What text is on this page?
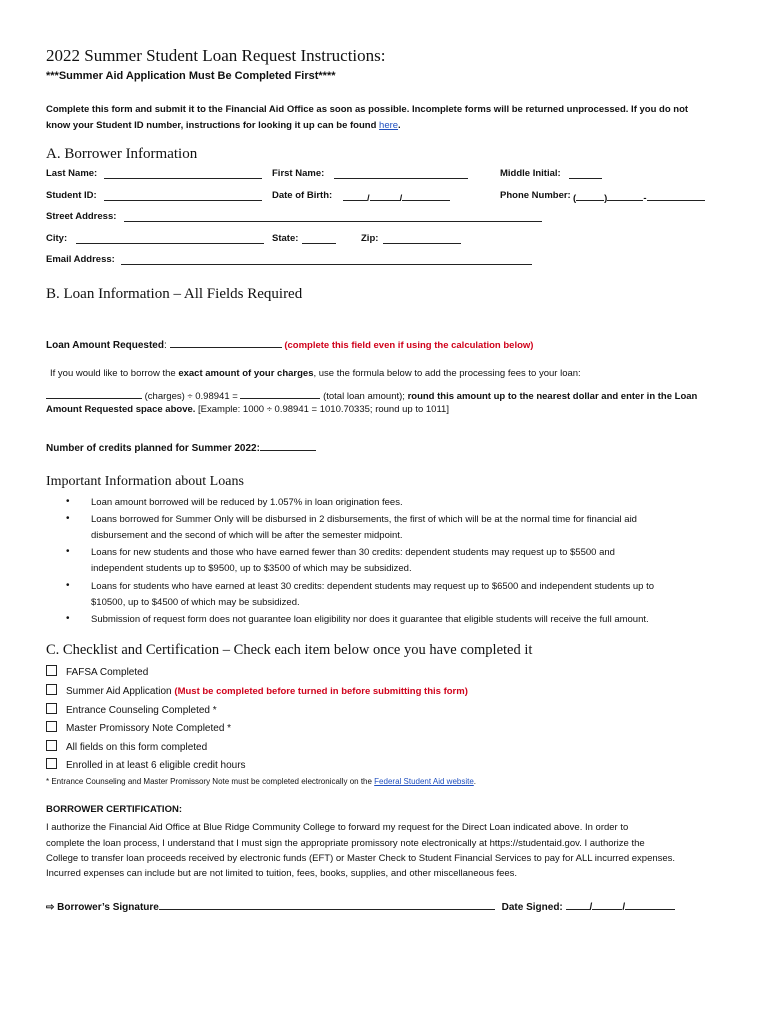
2022 Summer Student Loan Request Instructions:
***Summer Aid Application Must Be Completed First****
Complete this form and submit it to the Financial Aid Office as soon as possible. Incomplete forms will be returned unprocessed. If you do not
know your Student ID number, instructions for looking it up can be found here.
A. Borrower Information
Last Name:	First Name:	Middle Initial:
Student ID:	Date of Birth:	/	/	Phone Number: (	)	-
Street Address:
City:	State:	Zip:
Email Address:
B. Loan Information – All Fields Required
Loan Amount Requested:	(complete this field even if using the calculation below)
If you would like to borrow the exact amount of your charges, use the formula below to add the processing fees to your loan:
(charges) ÷ 0.98941 =	(total loan amount); round this amount up to the nearest dollar and enter in the Loan
Amount Requested space above. [Example: 1000 ÷ 0.98941 = 1010.70335; round up to 1011]
Number of credits planned for Summer 2022:
Important Information about Loans
• Loan amount borrowed will be reduced by 1.057% in loan origination fees.
• Loans borrowed for Summer Only will be disbursed in 2 disbursements, the first of which will be at the normal time for financial aid
disbursement and the second of which will be after the semester midpoint.
• Loans for new students and those who have earned fewer than 30 credits: dependent students may request up to $5500 and
independent students up to $9500, up to $3500 of which may be subsidized.
• Loans for students who have earned at least 30 credits: dependent students may request up to $6500 and independent students up to
$10500, up to $4500 of which may be subsidized.
• Submission of request form does not guarantee loan eligibility nor does it guarantee that eligible students will receive the full amount.
C. Checklist and Certification – Check each item below once you have completed it
FAFSA Completed
Summer Aid Application (Must be completed before turned in before submitting this form)
Entrance Counseling Completed *
Master Promissory Note Completed *
All fields on this form completed
Enrolled in at least 6 eligible credit hours
* Entrance Counseling and Master Promissory Note must be completed electronically on the Federal Student Aid website.
BORROWER CERTIFICATION:
I authorize the Financial Aid Office at Blue Ridge Community College to forward my request for the Direct Loan indicated above. In order to
complete the loan process, I understand that I must sign the appropriate promissory note electronically at https://studentaid.gov. I authorize the
College to transfer loan proceeds received by electronic funds (EFT) or Master Check to Student Financial Services to pay for ALL incurred expenses.
Incurred expenses can include but are not limited to tuition, fees, books, supplies, and other miscellaneous fees.
⇨ Borrower’s Signature	Date Signed:	/	/
